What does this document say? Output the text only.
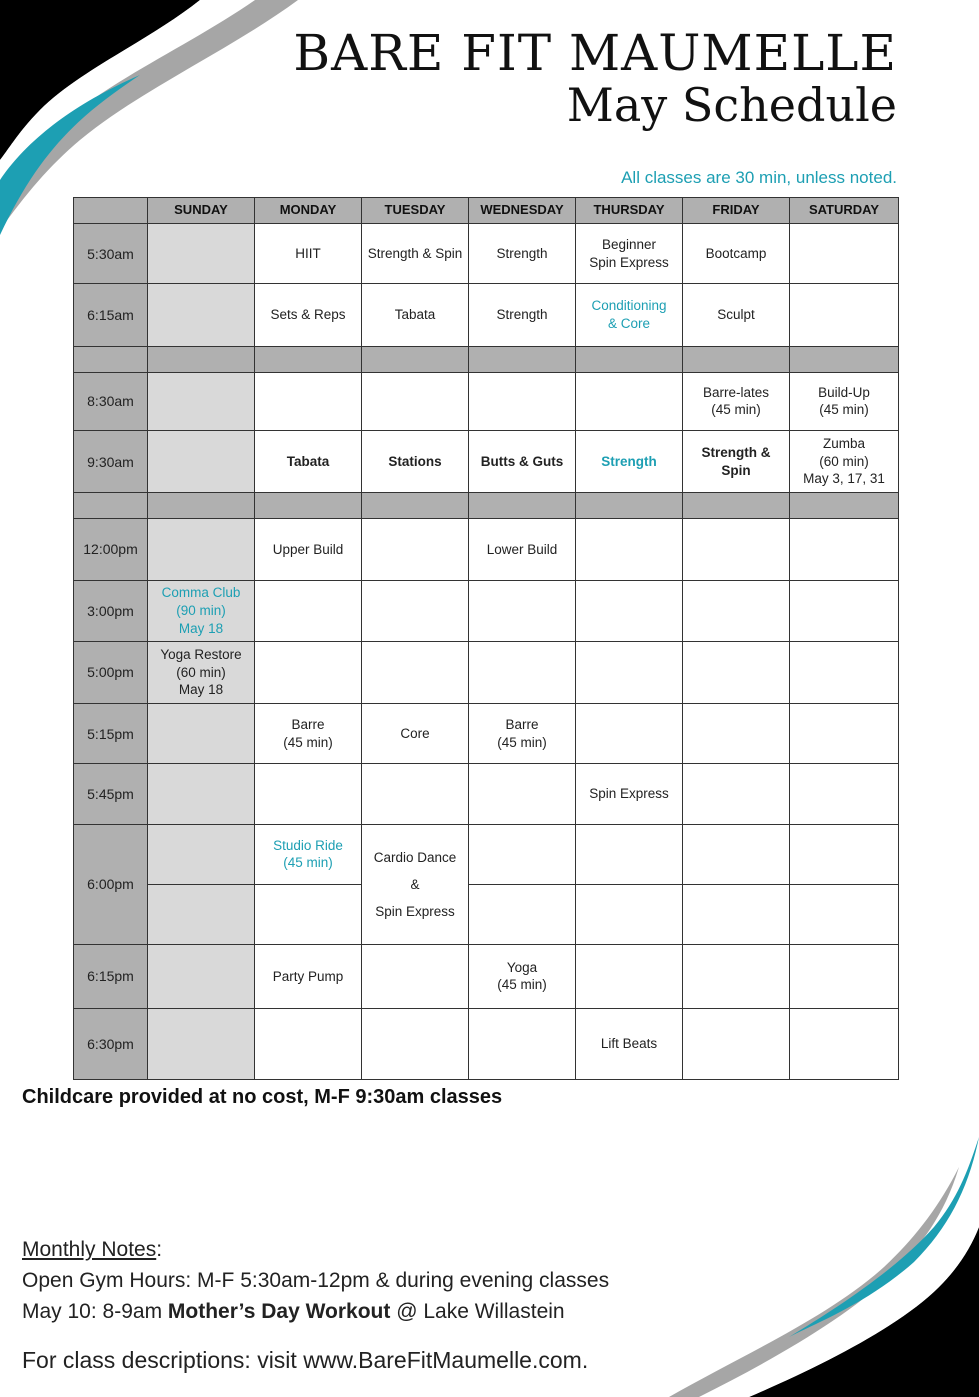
BARE FIT MAUMELLE
May Schedule
All classes are 30 min, unless noted.
	SUNDAY	MONDAY	TUESDAY	WEDNESDAY	THURSDAY	FRIDAY	SATURDAY
5:30am		HIIT	Strength & Spin	Strength	Beginner
Spin Express	Bootcamp	
6:15am		Sets & Reps	Tabata	Strength	Conditioning
& Core	Sculpt	

8:30am						Barre-lates
(45 min)	Build-Up
(45 min)
9:30am		Tabata	Stations	Butts & Guts	Strength	Strength &
Spin	Zumba
(60 min)
May 3, 17, 31

12:00pm		Upper Build		Lower Build			
3:00pm	Comma Club
(90 min)
May 18						
5:00pm	Yoga Restore
(60 min)
May 18						
5:15pm		Barre
(45 min)	Core	Barre
(45 min)			
5:45pm					Spin Express		
6:00pm		Studio Ride
(45 min)	Cardio Dance
&
Spin Express				

6:15pm		Party Pump		Yoga
(45 min)			
6:30pm					Lift Beats		
Childcare provided at no cost, M-F 9:30am classes
Monthly Notes:
Open Gym Hours: M-F 5:30am-12pm & during evening classes
May 10: 8-9am Mother’s Day Workout @ Lake Willastein
For class descriptions: visit www.BareFitMaumelle.com.
